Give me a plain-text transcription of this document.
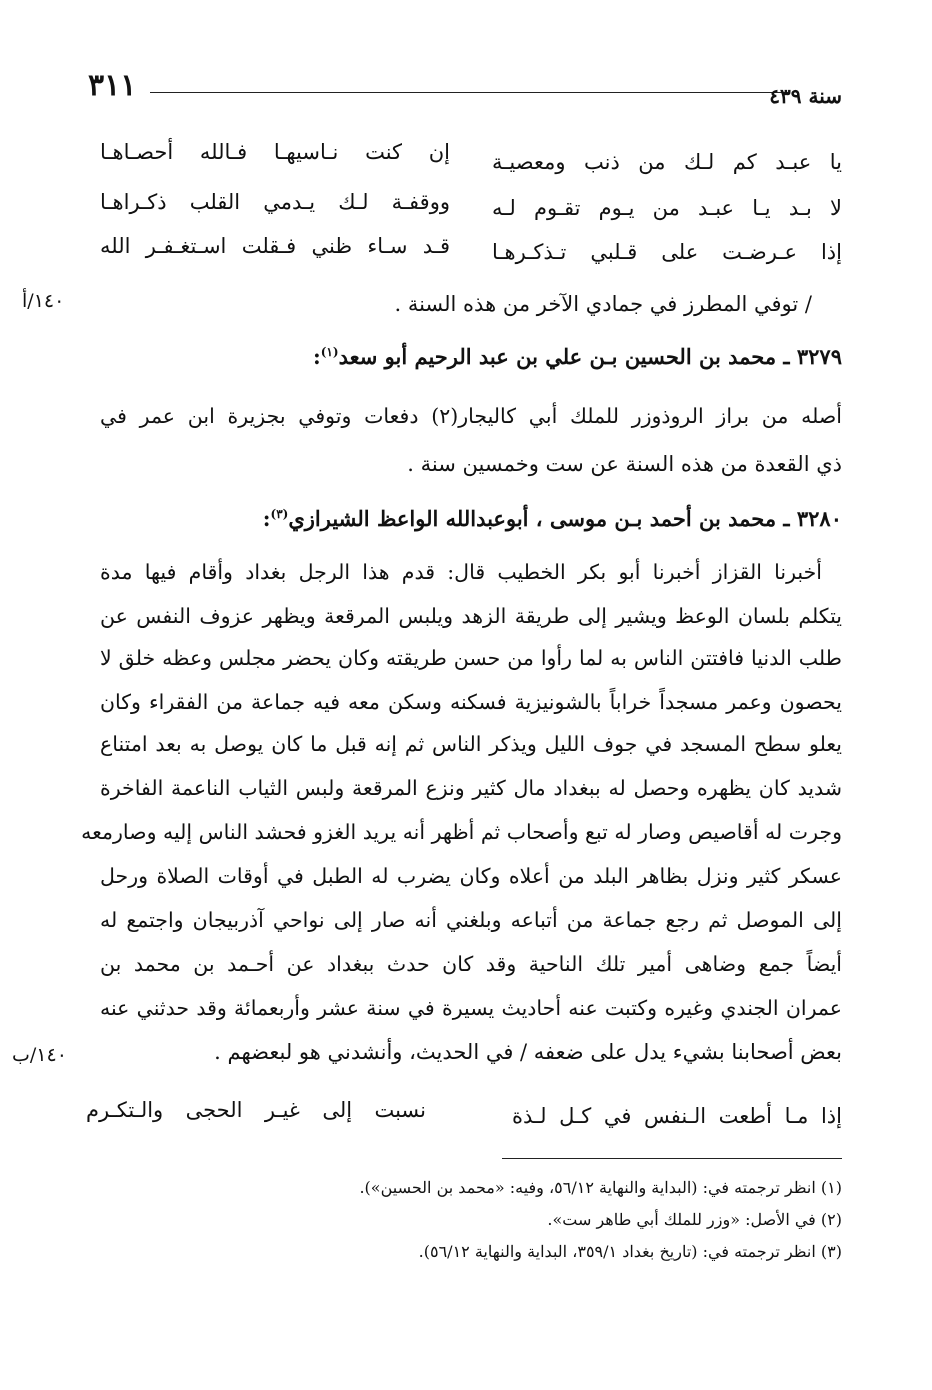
٣١١	سنة ٤٣٩
يا عبـد كم لـك من ذنب ومعصيـة
إن كنت نـاسيهـا فـالله أحصـاهـا
لا بـد يـا عبـد من يـوم تقـوم لـه
ووقفـة لـك يـدمي القلب ذكـراهـا
إذا عـرضـت على قـلبي تـذكـرهـا
قـد سـاء ظني فـقلت اسـتغـفـر الله
/ توفي المطرز في جمادي الآخر من هذه السنة .
١٤٠/أ
٣٢٧٩ ـ محمد بن الحسين بـن علي بن عبد الرحيم أبو سعد$^{(١)}$:
أصله من براز الروذوزر للملك أبي كاليجار(٢) دفعات وتوفي بجزيرة ابن عمر في
ذي القعدة من هذه السنة عن ست وخمسين سنة .
٣٢٨٠ ـ محمد بن أحمد بـن موسى ، أبوعبدالله الواعظ الشيرازي$^{(٣)}$:
أخبرنا القزاز أخبرنا أبو بكر الخطيب قال: قدم هذا الرجل بغداد وأقام فيها مدة
يتكلم بلسان الوعظ ويشير إلى طريقة الزهد ويلبس المرقعة ويظهر عزوف النفس عن
طلب الدنيا فافتتن الناس به لما رأوا من حسن طريقته وكان يحضر مجلس وعظه خلق لا
يحصون وعمر مسجداً خراباً بالشونيزية فسكنه وسكن معه فيه جماعة من الفقراء وكان
يعلو سطح المسجد في جوف الليل ويذكر الناس ثم إنه قبل ما كان يوصل به بعد امتناع
شديد كان يظهره وحصل له ببغداد مال كثير ونزع المرقعة ولبس الثياب الناعمة الفاخرة
وجرت له أقاصيص وصار له تبع وأصحاب ثم أظهر أنه يريد الغزو فحشد الناس إليه وصارمعه
عسكر كثير ونزل بظاهر البلد من أعلاه وكان يضرب له الطبل في أوقات الصلاة ورحل
إلى الموصل ثم رجع جماعة من أتباعه وبلغني أنه صار إلى نواحي آذربيجان واجتمع له
أيضاً جمع وضاهى أمير تلك الناحية وقد كان حدث ببغداد عن أحـمد بن محمد بن
عمران الجندي وغيره وكتبت عنه أحاديث يسيرة في سنة عشر وأربعمائة وقد حدثني عنه
بعض أصحابنا بشيء يدل على ضعفه / في الحديث، وأنشدني هو لبعضهم .
١٤٠/ب
إذا مـا أطعت الـنفس في كـل لـذة
نسبت إلى غيـر الحجى والـتكـرم
(١) انظر ترجمته في: (البداية والنهاية ٥٦/١٢، وفيه: «محمد بن الحسين»).
(٢) في الأصل: «وزر للملك أبي طاهر ست».
(٣) انظر ترجمته في: (تاريخ بغداد ٣٥٩/١، البداية والنهاية ٥٦/١٢).
